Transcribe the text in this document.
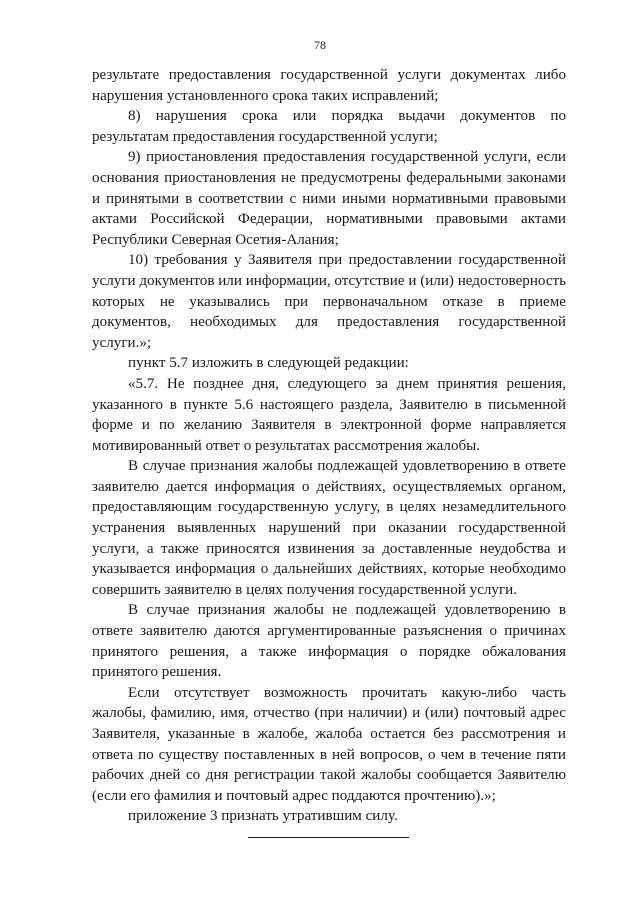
78

результате предоставления государственной услуги документах либо нарушения установленного срока таких исправлений;

8) нарушения срока или порядка выдачи документов по результатам предоставления государственной услуги;

9) приостановления предоставления государственной услуги, если основания приостановления не предусмотрены федеральными законами и принятыми в соответствии с ними иными нормативными правовыми актами Российской Федерации, нормативными правовыми актами Республики Северная Осетия-Алания;

10) требования у Заявителя при предоставлении государственной услуги документов или информации, отсутствие и (или) недостоверность которых не указывались при первоначальном отказе в приеме документов, необходимых для предоставления государственной услуги.»;

пункт 5.7 изложить в следующей редакции:

«5.7. Не позднее дня, следующего за днем принятия решения, указанного в пункте 5.6 настоящего раздела, Заявителю в письменной форме и по желанию Заявителя в электронной форме направляется мотивированный ответ о результатах рассмотрения жалобы.

В случае признания жалобы подлежащей удовлетворению в ответе заявителю дается информация о действиях, осуществляемых органом, предоставляющим государственную услугу, в целях незамедлительного устранения выявленных нарушений при оказании государственной услуги, а также приносятся извинения за доставленные неудобства и указывается информация о дальнейших действиях, которые необходимо совершить заявителю в целях получения государственной услуги.

В случае признания жалобы не подлежащей удовлетворению в ответе заявителю даются аргументированные разъяснения о причинах принятого решения, а также информация о порядке обжалования принятого решения.

Если отсутствует возможность прочитать какую-либо часть жалобы, фамилию, имя, отчество (при наличии) и (или) почтовый адрес Заявителя, указанные в жалобе, жалоба остается без рассмотрения и ответа по существу поставленных в ней вопросов, о чем в течение пяти рабочих дней со дня регистрации такой жалобы сообщается Заявителю (если его фамилия и почтовый адрес поддаются прочтению).»;

приложение 3 признать утратившим силу.
